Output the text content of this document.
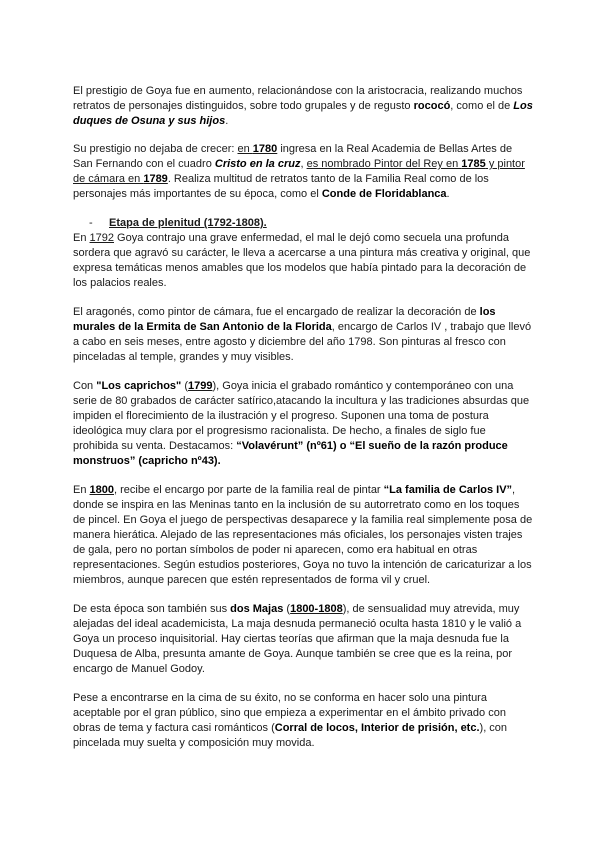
El prestigio de Goya fue en aumento, relacionándose con la aristocracia, realizando muchos retratos de personajes distinguidos, sobre todo grupales y de regusto rococó, como el de Los duques de Osuna y sus hijos.

Su prestigio no dejaba de crecer: en 1780 ingresa en la Real Academia de Bellas Artes de San Fernando con el cuadro Cristo en la cruz, es nombrado Pintor del Rey en 1785 y pintor de cámara en 1789. Realiza multitud de retratos tanto de la Familia Real como de los personajes más importantes de su época, como el Conde de Floridablanca.

- Etapa de plenitud (1792-1808).

En 1792 Goya contrajo una grave enfermedad, el mal le dejó como secuela una profunda sordera que agravó su carácter, le lleva a acercarse a una pintura más creativa y original, que expresa temáticas menos amables que los modelos que había pintado para la decoración de los palacios reales.

El aragonés, como pintor de cámara, fue el encargado de realizar la decoración de los murales de la Ermita de San Antonio de la Florida, encargo de Carlos IV , trabajo que llevó a cabo en seis meses, entre agosto y diciembre del año 1798. Son pinturas al fresco con pinceladas al temple, grandes y muy visibles.

Con "Los caprichos" (1799), Goya inicia el grabado romántico y contemporáneo con una serie de 80 grabados de carácter satírico,atacando la incultura y las tradiciones absurdas que impiden el florecimiento de la ilustración y el progreso. Suponen una toma de postura ideológica muy clara por el progresismo racionalista. De hecho, a finales de siglo fue prohibida su venta. Destacamos: “Volavérunt” (nº61) o “El sueño de la razón produce monstruos” (capricho nº43).

En 1800, recibe el encargo por parte de la familia real de pintar “La familia de Carlos IV”, donde se inspira en las Meninas tanto en la inclusión de su autorretrato como en los toques de pincel. En Goya el juego de perspectivas desaparece y la familia real simplemente posa de manera hierática. Alejado de las representaciones más oficiales, los personajes visten trajes de gala, pero no portan símbolos de poder ni aparecen, como era habitual en otras representaciones. Según estudios posteriores, Goya no tuvo la intención de caricaturizar a los miembros, aunque parecen que estén representados de forma vil y cruel.

De esta época son también sus dos Majas (1800-1808), de sensualidad muy atrevida, muy alejadas del ideal academicista, La maja desnuda permaneció oculta hasta 1810 y le valió a Goya un proceso inquisitorial. Hay ciertas teorías que afirman que la maja desnuda fue la Duquesa de Alba, presunta amante de Goya. Aunque también se cree que es la reina, por encargo de Manuel Godoy.

Pese a encontrarse en la cima de su éxito, no se conforma en hacer solo una pintura aceptable por el gran público, sino que empieza a experimentar en el ámbito privado con obras de tema y factura casi románticos (Corral de locos, Interior de prisión, etc.), con pincelada muy suelta y composición muy movida.
